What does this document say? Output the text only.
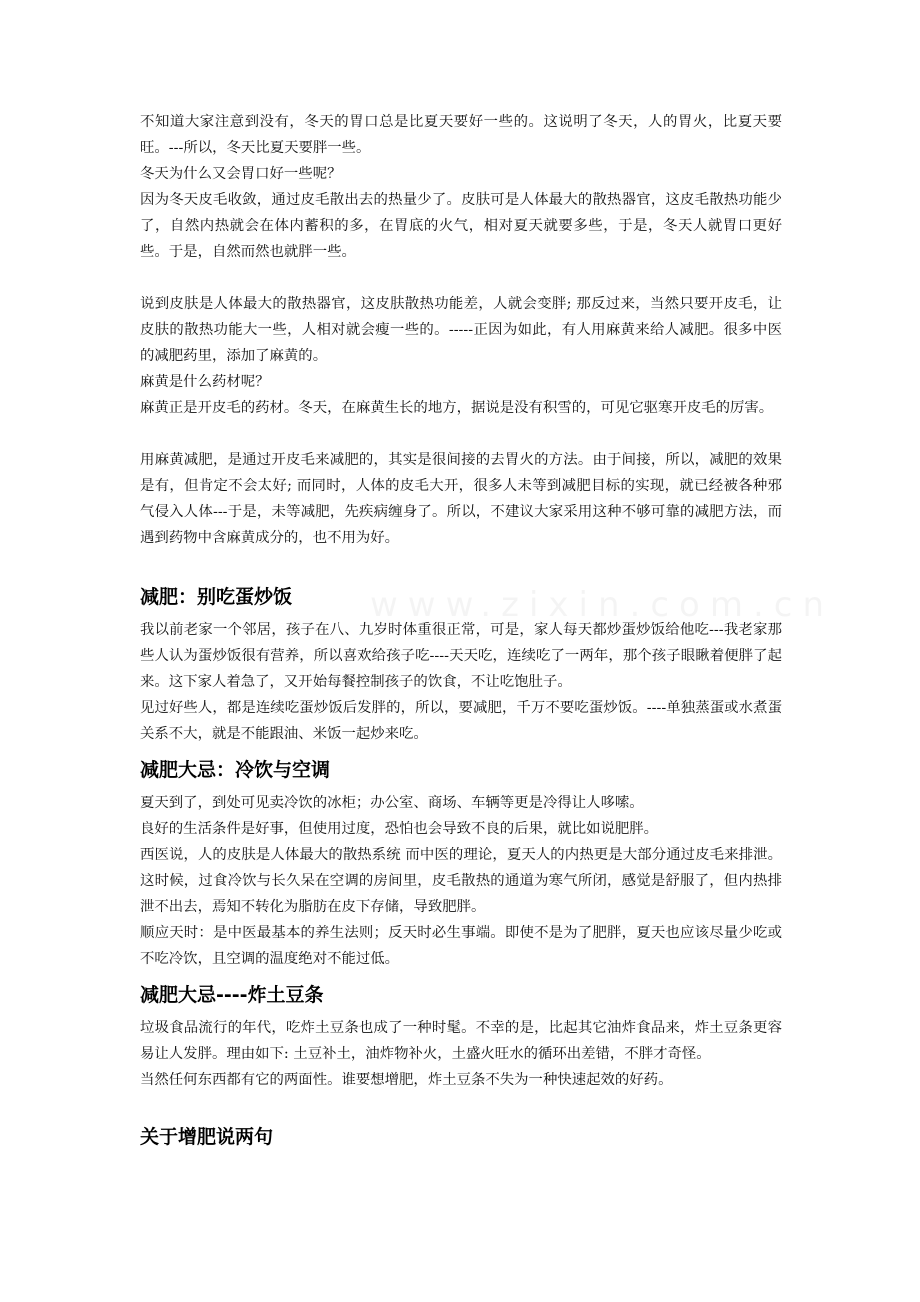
不知道大家注意到没有，冬天的胃口总是比夏天要好一些的。这说明了冬天，人的胃火，比夏天要旺。---所以，冬天比夏天要胖一些。

冬天为什么又会胃口好一些呢？

因为冬天皮毛收敛，通过皮毛散出去的热量少了。皮肤可是人体最大的散热器官，这皮毛散热功能少了，自然内热就会在体内蓄积的多，在胃底的火气，相对夏天就要多些，于是，冬天人就胃口更好些。于是，自然而然也就胖一些。

说到皮肤是人体最大的散热器官，这皮肤散热功能差，人就会变胖; 那反过来，当然只要开皮毛，让皮肤的散热功能大一些，人相对就会瘦一些的。-----正因为如此，有人用麻黄来给人减肥。很多中医的减肥药里，添加了麻黄的。

麻黄是什么药材呢？

麻黄正是开皮毛的药材。冬天，在麻黄生长的地方，据说是没有积雪的，可见它驱寒开皮毛的厉害。

用麻黄减肥，是通过开皮毛来减肥的，其实是很间接的去胃火的方法。由于间接，所以，减肥的效果是有，但肯定不会太好; 而同时，人体的皮毛大开，很多人未等到减肥目标的实现，就已经被各种邪气侵入人体---于是，未等减肥，先疾病缠身了。所以，不建议大家采用这种不够可靠的减肥方法，而遇到药物中含麻黄成分的，也不用为好。

减肥：别吃蛋炒饭

我以前老家一个邻居，孩子在八、九岁时体重很正常，可是，家人每天都炒蛋炒饭给他吃---我老家那些人认为蛋炒饭很有营养，所以喜欢给孩子吃----天天吃，连续吃了一两年，那个孩子眼瞅着便胖了起来。这下家人着急了，又开始每餐控制孩子的饮食，不让吃饱肚子。

见过好些人，都是连续吃蛋炒饭后发胖的，所以，要减肥，千万不要吃蛋炒饭。----单独蒸蛋或水煮蛋关系不大，就是不能跟油、米饭一起炒来吃。

减肥大忌：冷饮与空调

夏天到了，到处可见卖冷饮的冰柜；办公室、商场、车辆等更是冷得让人哆嗦。

良好的生活条件是好事，但使用过度，恐怕也会导致不良的后果，就比如说肥胖。

西医说，人的皮肤是人体最大的散热系统 而中医的理论，夏天人的内热更是大部分通过皮毛来排泄。这时候，过食冷饮与长久呆在空调的房间里，皮毛散热的通道为寒气所闭，感觉是舒服了，但内热排泄不出去，焉知不转化为脂肪在皮下存储，导致肥胖。

顺应天时：是中医最基本的养生法则；反天时必生事端。即使不是为了肥胖，夏天也应该尽量少吃或不吃冷饮，且空调的温度绝对不能过低。

减肥大忌----炸土豆条

垃圾食品流行的年代，吃炸土豆条也成了一种时髦。不幸的是，比起其它油炸食品来，炸土豆条更容易让人发胖。理由如下: 土豆补土，油炸物补火，土盛火旺水的循环出差错，不胖才奇怪。

当然任何东西都有它的两面性。谁要想增肥，炸土豆条不失为一种快速起效的好药。

关于增肥说两句
